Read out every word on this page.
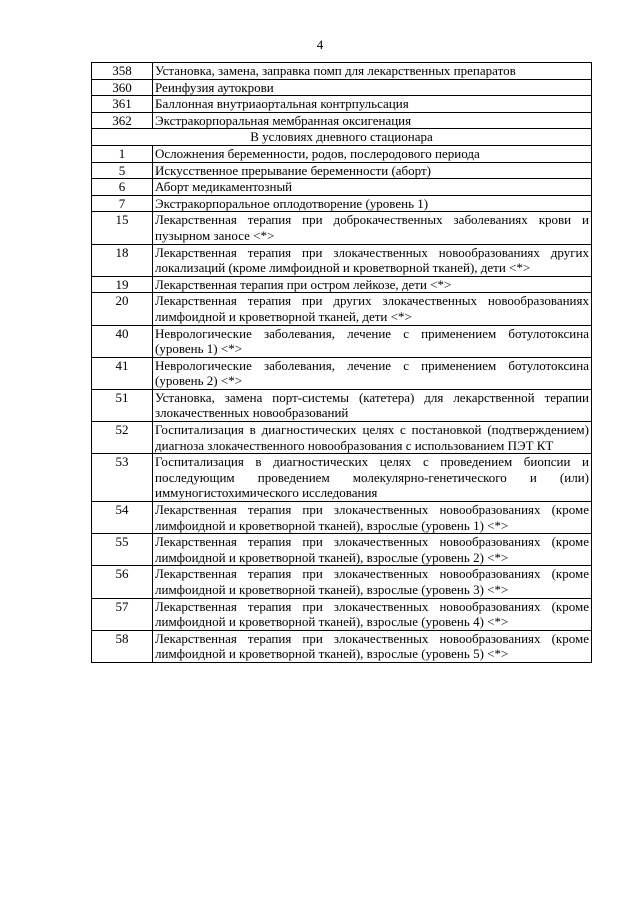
4
358	Установка, замена, заправка помп для лекарственных препаратов
360	Реинфузия аутокрови
361	Баллонная внутриаортальная контрпульсация
362	Экстракорпоральная мембранная оксигенация
В условиях дневного стационара	
1	Осложнения беременности, родов, послеродового периода
5	Искусственное прерывание беременности (аборт)
6	Аборт медикаментозный
7	Экстракорпоральное оплодотворение (уровень 1)
15	Лекарственная терапия при доброкачественных заболеваниях крови и пузырном заносе <*>
18	Лекарственная терапия при злокачественных новообразованиях других локализаций (кроме лимфоидной и кроветворной тканей), дети <*>
19	Лекарственная терапия при остром лейкозе, дети <*>
20	Лекарственная терапия при других злокачественных новообразованиях лимфоидной и кроветворной тканей, дети <*>
40	Неврологические заболевания, лечение с применением ботулотоксина (уровень 1) <*>
41	Неврологические заболевания, лечение с применением ботулотоксина (уровень 2) <*>
51	Установка, замена порт-системы (катетера) для лекарственной терапии злокачественных новообразований
52	Госпитализация в диагностических целях с постановкой (подтверждением) диагноза злокачественного новообразования с использованием ПЭТ КТ
53	Госпитализация в диагностических целях с проведением биопсии и последующим проведением молекулярно-генетического и (или) иммуногистохимического исследования
54	Лекарственная терапия при злокачественных новообразованиях (кроме лимфоидной и кроветворной тканей), взрослые (уровень 1) <*>
55	Лекарственная терапия при злокачественных новообразованиях (кроме лимфоидной и кроветворной тканей), взрослые (уровень 2) <*>
56	Лекарственная терапия при злокачественных новообразованиях (кроме лимфоидной и кроветворной тканей), взрослые (уровень 3) <*>
57	Лекарственная терапия при злокачественных новообразованиях (кроме лимфоидной и кроветворной тканей), взрослые (уровень 4) <*>
58	Лекарственная терапия при злокачественных новообразованиях (кроме лимфоидной и кроветворной тканей), взрослые (уровень 5) <*>
